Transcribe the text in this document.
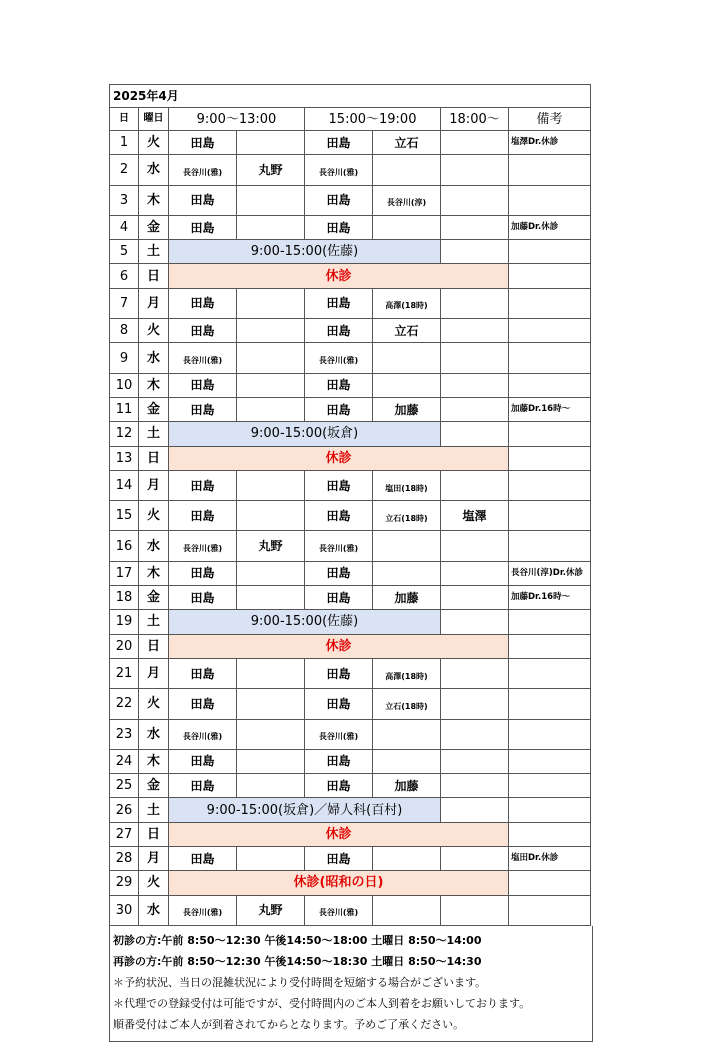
2025年4月							
日	曜日	9:00～13:00		15:00～19:00		18:00～	備考
1	火	田島		田島	立石		塩澤Dr.休診
2	水	長谷川(雅)	丸野	長谷川(雅)			
3	木	田島		田島	長谷川(淳)		
4	金	田島		田島			加藤Dr.休診
5	土	9:00-15:00(佐藤)					
6	日	休診					
7	月	田島		田島	高澤(18時)		
8	火	田島		田島	立石		
9	水	長谷川(雅)		長谷川(雅)			
10	木	田島		田島			
11	金	田島		田島	加藤		加藤Dr.16時～
12	土	9:00-15:00(坂倉)					
13	日	休診					
14	月	田島		田島	塩田(18時)		
15	火	田島		田島	立石(18時)	塩澤	
16	水	長谷川(雅)	丸野	長谷川(雅)			
17	木	田島		田島			長谷川(淳)Dr.休診
18	金	田島		田島	加藤		加藤Dr.16時～
19	土	9:00-15:00(佐藤)					
20	日	休診					
21	月	田島		田島	高澤(18時)		
22	火	田島		田島	立石(18時)		
23	水	長谷川(雅)		長谷川(雅)			
24	木	田島		田島			
25	金	田島		田島	加藤		
26	土	9:00-15:00(坂倉)／婦人科(百村)					
27	日	休診					
28	月	田島		田島			塩田Dr.休診
29	火	休診(昭和の日)					
30	水	長谷川(雅)	丸野	長谷川(雅)			
初診の方:午前 8:50～12:30 午後14:50～18:00 土曜日 8:50～14:00
再診の方:午前 8:50～12:30 午後14:50～18:30 土曜日 8:50～14:30
＊予約状況、当日の混雑状況により受付時間を短縮する場合がございます。
＊代理での登録受付は可能ですが、受付時間内のご本人到着をお願いしております。
順番受付はご本人が到着されてからとなります。予めご了承ください。
